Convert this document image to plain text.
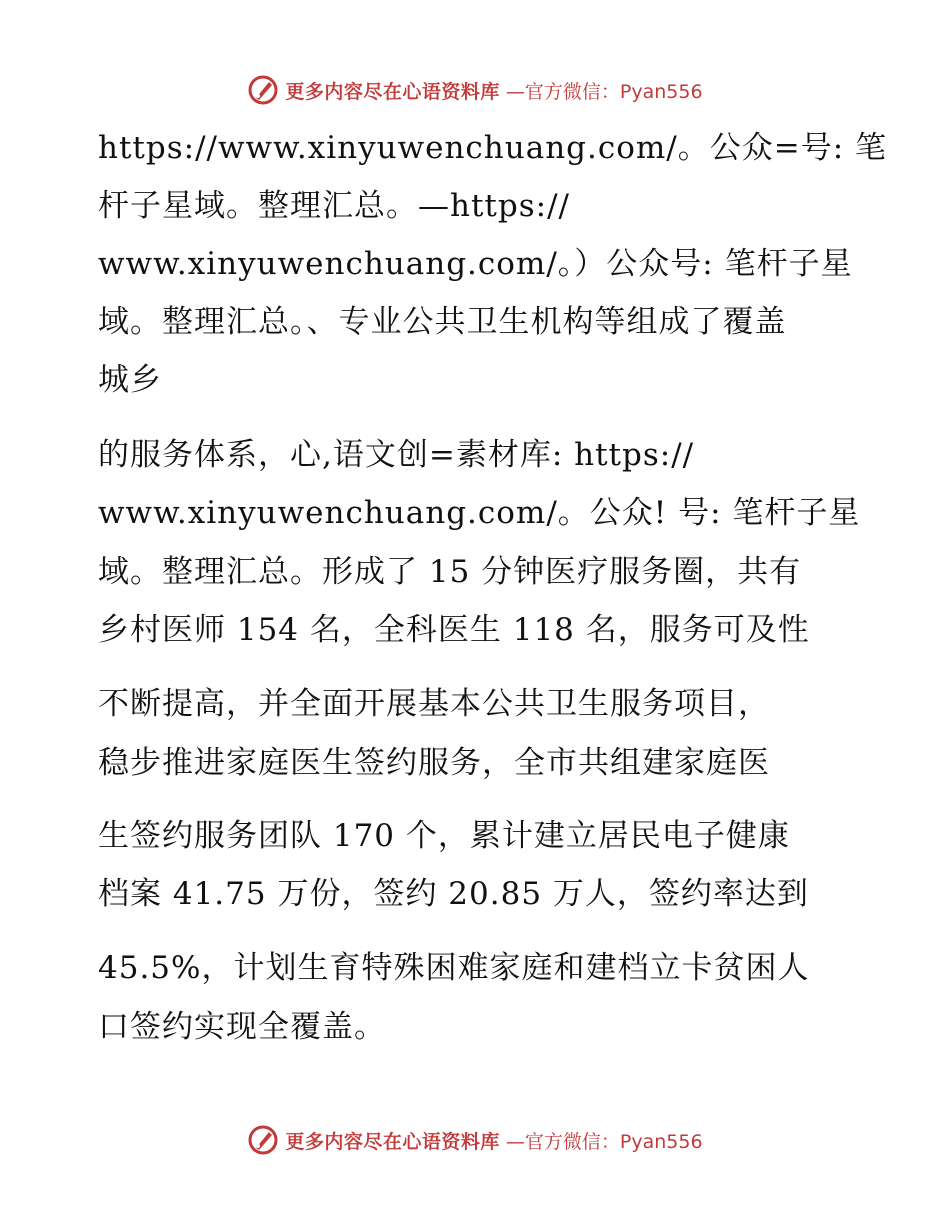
更多内容尽在心语资料库 —官方微信：Pyan556
https://www.xinyuwenchuang.com/。公众=号: 笔
杆子星域。整理汇总。—https://
www.xinyuwenchuang.com/。）公众号: 笔杆子星
域。整理汇总。、专业公共卫生机构等组成了覆盖
城乡
的服务体系，心,语文创=素材库: https://
www.xinyuwenchuang.com/。公众! 号: 笔杆子星
域。整理汇总。形成了 15 分钟医疗服务圈，共有
乡村医师 154 名，全科医生 118 名，服务可及性
不断提高，并全面开展基本公共卫生服务项目，
稳步推进家庭医生签约服务，全市共组建家庭医
生签约服务团队 170 个，累计建立居民电子健康
档案 41.75 万份，签约 20.85 万人，签约率达到
45.5%，计划生育特殊困难家庭和建档立卡贫困人
口签约实现全覆盖。
更多内容尽在心语资料库 —官方微信：Pyan556
